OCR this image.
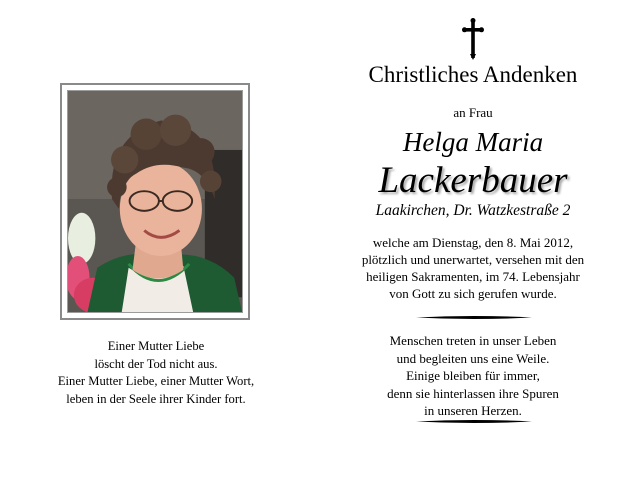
Einer Mutter Liebe
löscht der Tod nicht aus.
Einer Mutter Liebe, einer Mutter Wort,
leben in der Seele ihrer Kinder fort.
Christliches Andenken
an Frau
Helga Maria
Lackerbauer
Laakirchen, Dr. Watzkestraße 2
welche am Dienstag, den 8. Mai 2012,
plötzlich und unerwartet, versehen mit den
heiligen Sakramenten, im 74. Lebensjahr
von Gott zu sich gerufen wurde.
Menschen treten in unser Leben
und begleiten uns eine Weile.
Einige bleiben für immer,
denn sie hinterlassen ihre Spuren
in unseren Herzen.
